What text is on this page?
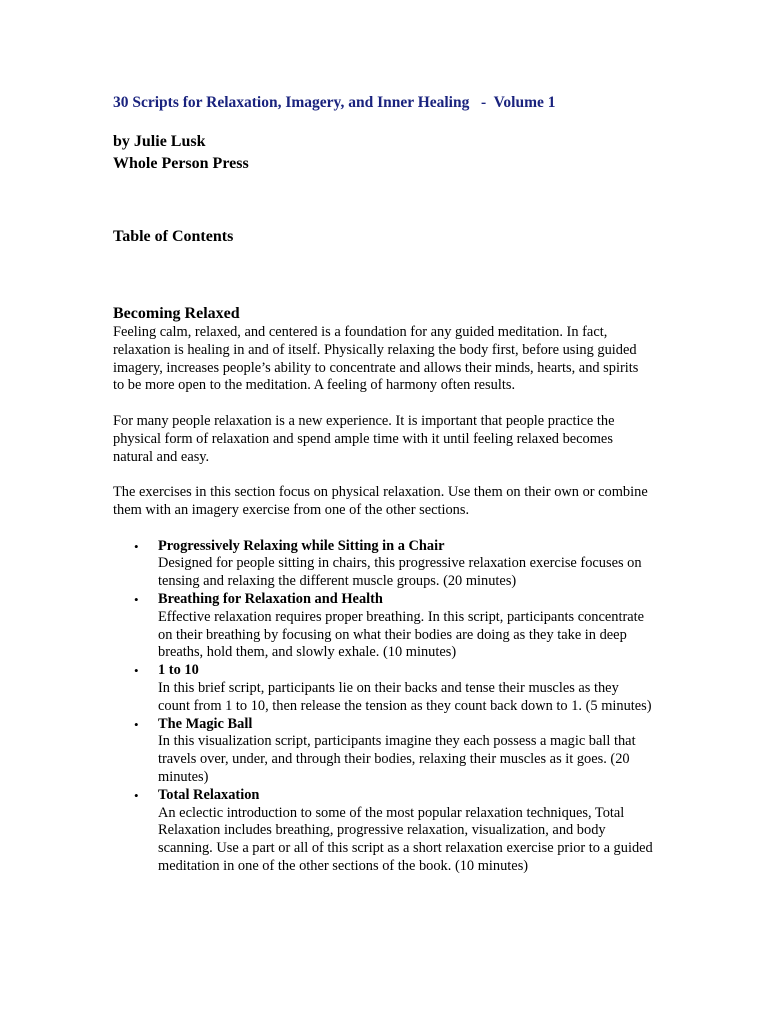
30 Scripts for Relaxation, Imagery, and Inner Healing   -  Volume 1
by Julie Lusk
Whole Person Press
Table of Contents

Becoming Relaxed

Feeling calm, relaxed, and centered is a foundation for any guided meditation. In fact, relaxation is healing in and of itself. Physically relaxing the body first, before using guided imagery, increases people’s ability to concentrate and allows their minds, hearts, and spirits to be more open to the meditation. A feeling of harmony often results.

For many people relaxation is a new experience. It is important that people practice the physical form of relaxation and spend ample time with it until feeling relaxed becomes natural and easy.

The exercises in this section focus on physical relaxation. Use them on their own or combine them with an imagery exercise from one of the other sections.

• Progressively Relaxing while Sitting in a Chair
Designed for people sitting in chairs, this progressive relaxation exercise focuses on tensing and relaxing the different muscle groups. (20 minutes)
• Breathing for Relaxation and Health
Effective relaxation requires proper breathing. In this script, participants concentrate on their breathing by focusing on what their bodies are doing as they take in deep breaths, hold them, and slowly exhale. (10 minutes)
• 1 to 10
In this brief script, participants lie on their backs and tense their muscles as they count from 1 to 10, then release the tension as they count back down to 1. (5 minutes)
• The Magic Ball
In this visualization script, participants imagine they each possess a magic ball that travels over, under, and through their bodies, relaxing their muscles as it goes. (20 minutes)
• Total Relaxation
An eclectic introduction to some of the most popular relaxation techniques, Total Relaxation includes breathing, progressive relaxation, visualization, and body scanning. Use a part or all of this script as a short relaxation exercise prior to a guided meditation in one of the other sections of the book. (10 minutes)
